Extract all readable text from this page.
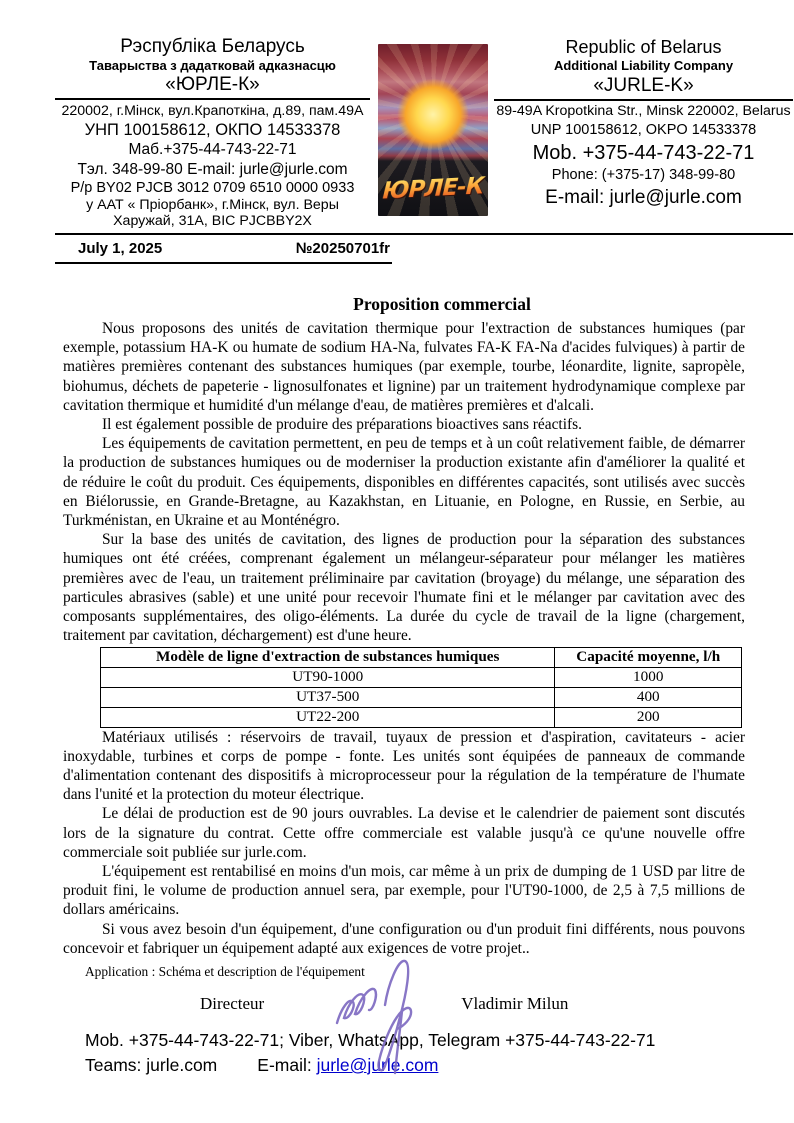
Рэспубліка Беларусь
Таварыства з дадатковай адказнасцю
«ЮРЛЕ-К»
220002, г.Мінск, вул.Крапоткіна, д.89, пам.49А
УНП 100158612, ОКПО 14533378
Маб.+375-44-743-22-71
Тэл. 348-99-80 E-mail: jurle@jurle.com
Р/р BY02 PJCB 3012 0709 6510 0000 0933
у ААТ « Пріорбанк», г.Мінск, вул. Веры
Харужай, 31А, BIC PJCBBY2X
ЮРЛЕ-К
Republic of Belarus
Additional Liability Company
«JURLE-K»
89-49A Kropotkina Str., Minsk 220002, Belarus
UNP 100158612, OKPO 14533378
Mob. +375-44-743-22-71
Phone: (+375-17) 348-99-80
E-mail: jurle@jurle.com
July 1, 2025	№20250701fr
Proposition commercial

Nous proposons des unités de cavitation thermique pour l'extraction de substances humiques (par exemple, potassium HA-K ou humate de sodium HA-Na, fulvates FA-K FA-Na d'acides fulviques) à partir de matières premières contenant des substances humiques (par exemple, tourbe, léonardite, lignite, sapropèle, biohumus, déchets de papeterie - lignosulfonates et lignine) par un traitement hydrodynamique complexe par cavitation thermique et humidité d'un mélange d'eau, de matières premières et d'alcali.

Il est également possible de produire des préparations bioactives sans réactifs.

Les équipements de cavitation permettent, en peu de temps et à un coût relativement faible, de démarrer la production de substances humiques ou de moderniser la production existante afin d'améliorer la qualité et de réduire le coût du produit. Ces équipements, disponibles en différentes capacités, sont utilisés avec succès en Biélorussie, en Grande-Bretagne, au Kazakhstan, en Lituanie, en Pologne, en Russie, en Serbie, au Turkménistan, en Ukraine et au Monténégro.

Sur la base des unités de cavitation, des lignes de production pour la séparation des substances humiques ont été créées, comprenant également un mélangeur-séparateur pour mélanger les matières premières avec de l'eau, un traitement préliminaire par cavitation (broyage) du mélange, une séparation des particules abrasives (sable) et une unité pour recevoir l'humate fini et le mélanger par cavitation avec des composants supplémentaires, des oligo-éléments. La durée du cycle de travail de la ligne (chargement, traitement par cavitation, déchargement) est d'une heure.

Modèle de ligne d'extraction de substances humiques	Capacité moyenne, l/h
UT90-1000	1000
UT37-500	400
UT22-200	200

Matériaux utilisés : réservoirs de travail, tuyaux de pression et d'aspiration, cavitateurs - acier inoxydable, turbines et corps de pompe - fonte. Les unités sont équipées de panneaux de commande d'alimentation contenant des dispositifs à microprocesseur pour la régulation de la température de l'humate dans l'unité et la protection du moteur électrique.

Le délai de production est de 90 jours ouvrables. La devise et le calendrier de paiement sont discutés lors de la signature du contrat. Cette offre commerciale est valable jusqu'à ce qu'une nouvelle offre commerciale soit publiée sur jurle.com.

L'équipement est rentabilisé en moins d'un mois, car même à un prix de dumping de 1 USD par litre de produit fini, le volume de production annuel sera, par exemple, pour l'UT90-1000, de 2,5 à 7,5 millions de dollars américains.

Si vous avez besoin d'un équipement, d'une configuration ou d'un produit fini différents, nous pouvons concevoir et fabriquer un équipement adapté aux exigences de votre projet..

Application : Schéma et description de l'équipement
Directeur	Vladimir Milun
Mob. +375-44-743-22-71; Viber, WhatsApp, Telegram +375-44-743-22-71
Teams: jurle.com E-mail: jurle@jurle.com
